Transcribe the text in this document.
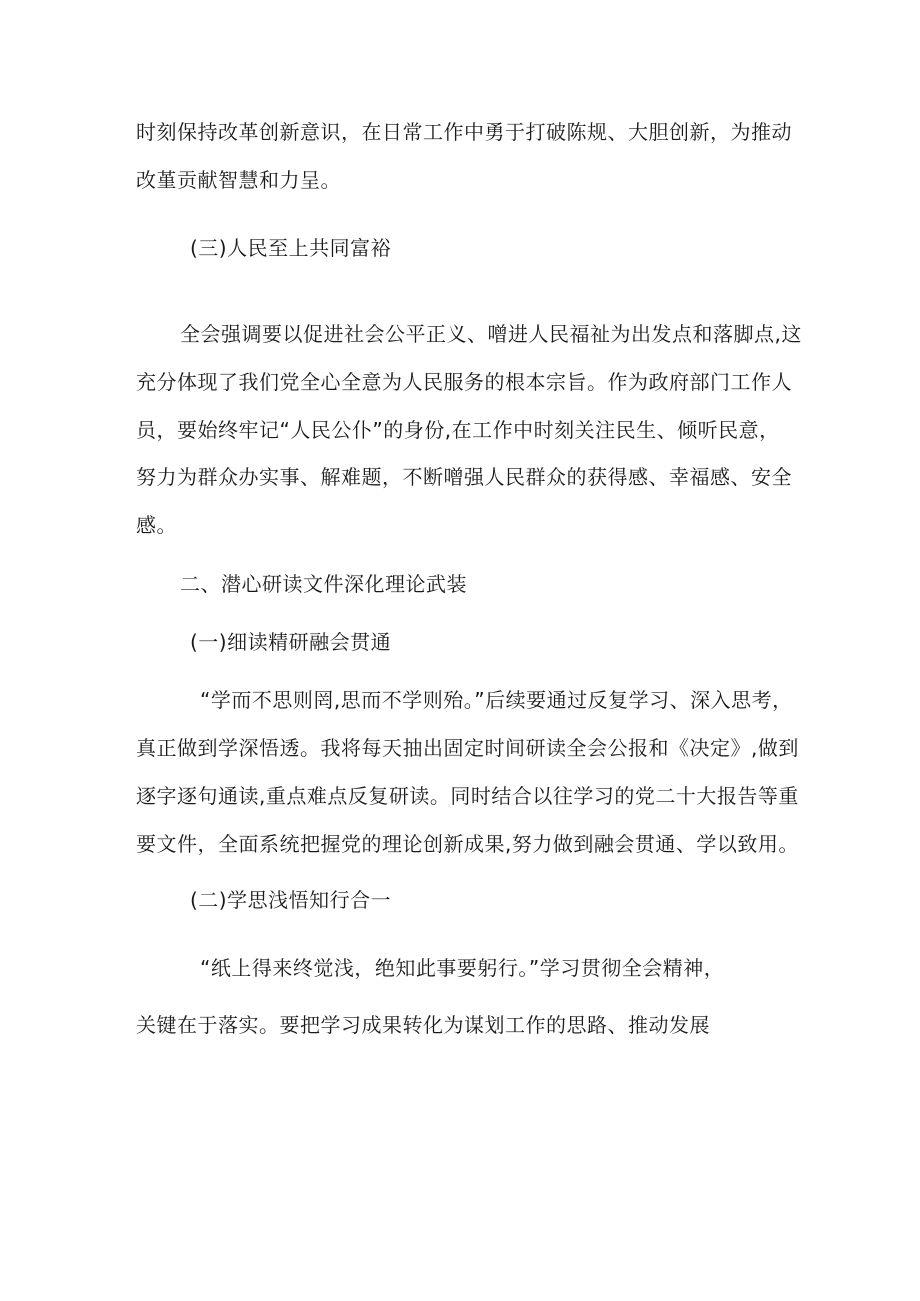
时刻保持改革创新意识，在日常工作中勇于打破陈规、大胆创新，为推动
改堇贡献智慧和力呈。
(三)人民至上共同富裕
全会强调要以促进社会公平正义、噌进人民福祉为出发点和落脚点,这
充分体现了我们党全心全意为人民服务的根本宗旨。作为政府部门工作人
员，要始终牢记“人民公仆”的身份,在工作中时刻关注民生、倾听民意，
努力为群众办实事、解难题，不断噌强人民群众的获得感、幸福感、安全
感。
二、潜心研读文件深化理论武装
(一)细读精研融会贯通
“学而不思则罔,思而不学则殆。”后续要通过反复学习、深入思考，
真正做到学深悟透。我将每天抽出固定时间研读全会公报和《决定》,做到
逐字逐句通读,重点难点反复研读。同时结合以往学习的党二十大报告等重
要文件，全面系统把握党的理论创新成果,努力做到融会贯通、学以致用。
(二)学思浅悟知行合一
“纸上得来终觉浅，绝知此事要躬行。”学习贯彻全会精神，
关键在于落实。要把学习成果转化为谋划工作的思路、推动发展
